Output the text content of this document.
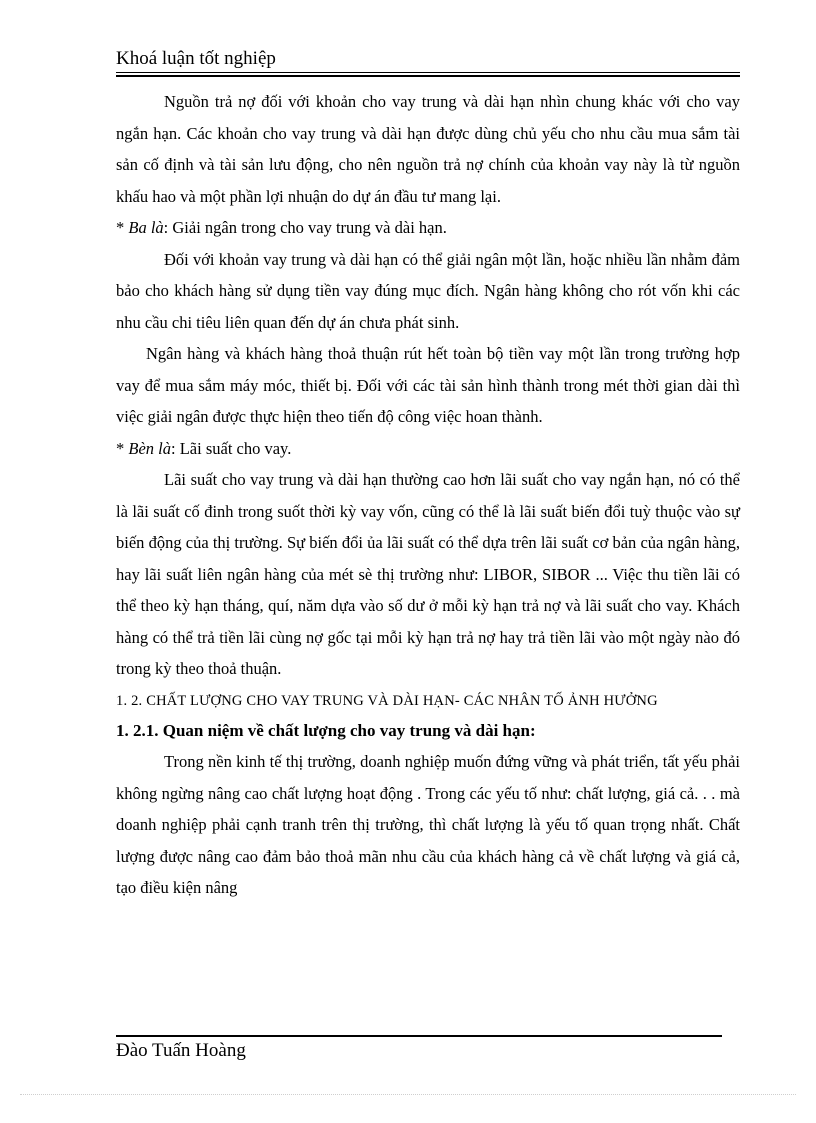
Khoá luận tốt nghiệp

Nguồn trả nợ đối với khoản cho vay trung và dài hạn nhìn chung khác với cho vay ngắn hạn. Các khoản cho vay trung và dài hạn được dùng chủ yếu cho nhu cầu mua sắm tài sản cố định và tài sản lưu động, cho nên nguồn trả nợ chính của khoản vay này là từ nguồn khấu hao và một phần lợi nhuận do dự án đầu tư mang lại.

* Ba là: Giải ngân trong cho vay trung và dài hạn.

Đối với khoản vay trung và dài hạn có thể giải ngân một lần, hoặc nhiều lần nhằm đảm bảo cho khách hàng sử dụng tiền vay đúng mục đích. Ngân hàng không cho rót vốn khi các nhu cầu chi tiêu liên quan đến dự án chưa phát sinh.

Ngân hàng và khách hàng thoả thuận rút hết toàn bộ tiền vay một lần trong trường hợp vay để mua sắm máy móc, thiết bị. Đối với các tài sản hình thành trong mét thời gian dài thì việc giải ngân được thực hiện theo tiến độ công việc hoan thành.

* Bèn là: Lãi suất cho vay.

Lãi suất cho vay trung và dài hạn thường cao hơn lãi suất cho vay ngắn hạn, nó có thể là lãi suất cố đinh trong suốt thời kỳ vay vốn, cũng có thể là lãi suất biến đổi tuỳ thuộc vào sự biến động của thị trường. Sự biến đổi ủa lãi suất có thể dựa trên lãi suất cơ bản của ngân hàng, hay lãi suất liên ngân hàng của mét sè thị trường như: LIBOR, SIBOR ... Việc thu tiền lãi có thể theo kỳ hạn tháng, quí, năm dựa vào số dư ở mỗi kỳ hạn trả nợ và lãi suất cho vay. Khách hàng có thể trả tiền lãi cùng nợ gốc tại mỗi kỳ hạn trả nợ hay trả tiền lãi vào một ngày nào đó trong kỳ theo thoả thuận.

1. 2. CHẤT LƯỢNG CHO VAY TRUNG VÀ DÀI HẠN- CÁC NHÂN TỐ ẢNH HƯỞNG

1. 2.1. Quan niệm về chất lượng cho vay trung và dài hạn:

Trong nền kinh tế thị trường, doanh nghiệp muốn đứng vững và phát triển, tất yếu phải không ngừng nâng cao chất lượng hoạt động . Trong các yếu tố như: chất lượng, giá cả. . . mà doanh nghiệp phải cạnh tranh trên thị trường, thì chất lượng là yếu tố quan trọng nhất. Chất lượng được nâng cao đảm bảo thoả mãn nhu cầu của khách hàng cả về chất lượng và giá cả, tạo điều kiện nâng

Đào Tuấn Hoàng
